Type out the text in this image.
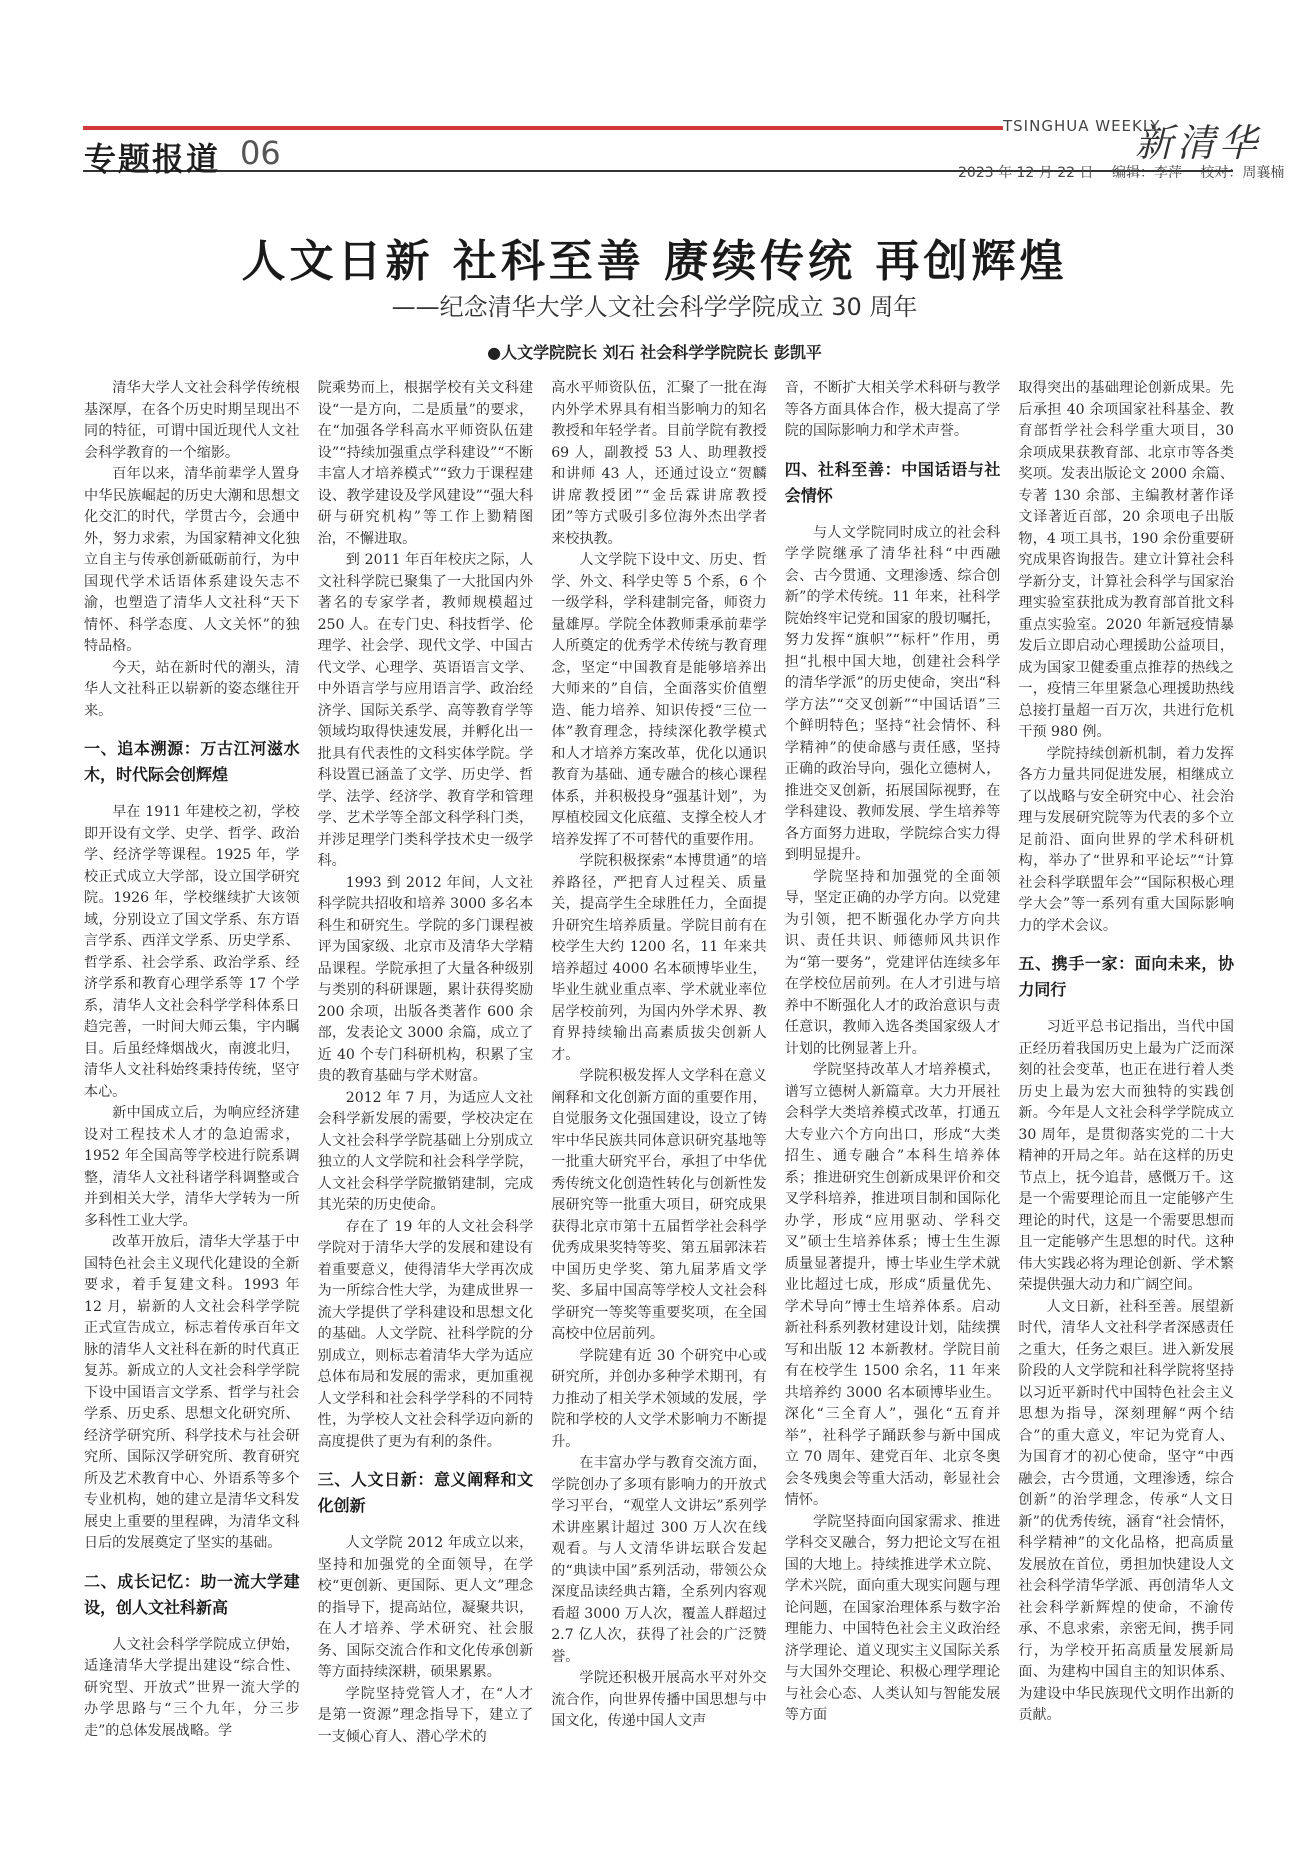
专题报道 06
TSINGHUA WEEKLY
新清华
2023 年 12 月 22 日 编辑：李萍 校对：周襄楠
人文日新 社科至善 赓续传统 再创辉煌
——纪念清华大学人文社会科学学院成立 30 周年
●人文学院院长 刘石 社会科学学院院长 彭凯平

清华大学人文社会科学传统根基深厚，在各个历史时期呈现出不同的特征，可谓中国近现代人文社会科学教育的一个缩影。

百年以来，清华前辈学人置身中华民族崛起的历史大潮和思想文化交汇的时代，学贯古今，会通中外，努力求索，为国家精神文化独立自主与传承创新砥砺前行，为中国现代学术话语体系建设矢志不渝，也塑造了清华人文社科“天下情怀、科学态度、人文关怀”的独特品格。

今天，站在新时代的潮头，清华人文社科正以崭新的姿态继往开来。

一、追本溯源：万古江河滋水木，时代际会创辉煌

早在 1911 年建校之初，学校即开设有文学、史学、哲学、政治学、经济学等课程。1925 年，学校正式成立大学部，设立国学研究院。1926 年，学校继续扩大该领域，分别设立了国文学系、东方语言学系、西洋文学系、历史学系、哲学系、社会学系、政治学系、经济学系和教育心理学系等 17 个学系，清华人文社会科学学科体系日趋完善，一时间大师云集，宇内瞩目。后虽经烽烟战火，南渡北归，清华人文社科始终秉持传统，坚守本心。

新中国成立后，为响应经济建设对工程技术人才的急迫需求，1952 年全国高等学校进行院系调整，清华人文社科诸学科调整或合并到相关大学，清华大学转为一所多科性工业大学。

改革开放后，清华大学基于中国特色社会主义现代化建设的全新要求，着手复建文科。1993 年 12 月，崭新的人文社会科学学院正式宣告成立，标志着传承百年文脉的清华人文社科在新的时代真正复苏。新成立的人文社会科学学院下设中国语言文学系、哲学与社会学系、历史系、思想文化研究所、经济学研究所、科学技术与社会研究所、国际汉学研究所、教育研究所及艺术教育中心、外语系等多个专业机构，她的建立是清华文科发展史上重要的里程碑，为清华文科日后的发展奠定了坚实的基础。

二、成长记忆：助一流大学建设，创人文社科新高

人文社会科学学院成立伊始，适逢清华大学提出建设“综合性、研究型、开放式”世界一流大学的办学思路与“三个九年，分三步走”的总体发展战略。学

院乘势而上，根据学校有关文科建设“一是方向，二是质量”的要求，在“加强各学科高水平师资队伍建设”“持续加强重点学科建设”“不断丰富人才培养模式”“致力于课程建设、教学建设及学风建设”“强大科研与研究机构”等工作上勠精图治，不懈进取。

到 2011 年百年校庆之际，人文社科学院已聚集了一大批国内外著名的专家学者，教师规模超过 250 人。在专门史、科技哲学、伦理学、社会学、现代文学、中国古代文学、心理学、英语语言文学、中外语言学与应用语言学、政治经济学、国际关系学、高等教育学等领域均取得快速发展，并孵化出一批具有代表性的文科实体学院。学科设置已涵盖了文学、历史学、哲学、法学、经济学、教育学和管理学、艺术学等全部文科学科门类，并涉足理学门类科学技术史一级学科。

1993 到 2012 年间，人文社科学院共招收和培养 3000 多名本科生和研究生。学院的多门课程被评为国家级、北京市及清华大学精品课程。学院承担了大量各种级别与类别的科研课题，累计获得奖励 200 余项，出版各类著作 600 余部，发表论文 3000 余篇，成立了近 40 个专门科研机构，积累了宝贵的教育基础与学术财富。

2012 年 7 月，为适应人文社会科学新发展的需要，学校决定在人文社会科学学院基础上分别成立独立的人文学院和社会科学学院，人文社会科学学院撤销建制，完成其光荣的历史使命。

存在了 19 年的人文社会科学学院对于清华大学的发展和建设有着重要意义，使得清华大学再次成为一所综合性大学，为建成世界一流大学提供了学科建设和思想文化的基础。人文学院、社科学院的分别成立，则标志着清华大学为适应总体布局和发展的需求，更加重视人文学科和社会科学学科的不同特性，为学校人文社会科学迈向新的高度提供了更为有利的条件。

三、人文日新：意义阐释和文化创新

人文学院 2012 年成立以来，坚持和加强党的全面领导，在学校“更创新、更国际、更人文”理念的指导下，提高站位，凝聚共识，在人才培养、学术研究、社会服务、国际交流合作和文化传承创新等方面持续深耕，硕果累累。

学院坚持党管人才，在“人才是第一资源”理念指导下，建立了一支倾心育人、潜心学术的

高水平师资队伍，汇聚了一批在海内外学术界具有相当影响力的知名教授和年轻学者。目前学院有教授 69 人，副教授 53 人、助理教授和讲师 43 人，还通过设立“贺麟讲席教授团”“金岳霖讲席教授团”等方式吸引多位海外杰出学者来校执教。

人文学院下设中文、历史、哲学、外文、科学史等 5 个系，6 个一级学科，学科建制完备，师资力量雄厚。学院全体教师秉承前辈学人所奠定的优秀学术传统与教育理念，坚定“中国教育是能够培养出大师来的”自信，全面落实价值塑造、能力培养、知识传授“三位一体”教育理念，持续深化教学模式和人才培养方案改革，优化以通识教育为基础、通专融合的核心课程体系，并积极投身“强基计划”，为厚植校园文化底蕴、支撑全校人才培养发挥了不可替代的重要作用。

学院积极探索“本博贯通”的培养路径，严把育人过程关、质量关，提高学生全球胜任力，全面提升研究生培养质量。学院目前有在校学生大约 1200 名，11 年来共培养超过 4000 名本硕博毕业生，毕业生就业重点率、学术就业率位居学校前列，为国内外学术界、教育界持续输出高素质拔尖创新人才。

学院积极发挥人文学科在意义阐释和文化创新方面的重要作用，自觉服务文化强国建设，设立了铸牢中华民族共同体意识研究基地等一批重大研究平台，承担了中华优秀传统文化创造性转化与创新性发展研究等一批重大项目，研究成果获得北京市第十五届哲学社会科学优秀成果奖特等奖、第五届郭沫若中国历史学奖、第九届茅盾文学奖、多届中国高等学校人文社会科学研究一等奖等重要奖项，在全国高校中位居前列。

学院建有近 30 个研究中心或研究所，并创办多种学术期刊，有力推动了相关学术领域的发展，学院和学校的人文学术影响力不断提升。

在丰富办学与教育交流方面，学院创办了多项有影响力的开放式学习平台，“观堂人文讲坛”系列学术讲座累计超过 300 万人次在线观看。与人文清华讲坛联合发起的“典读中国”系列活动，带领公众深度品读经典古籍，全系列内容观看超 3000 万人次，覆盖人群超过 2.7 亿人次，获得了社会的广泛赞誉。

学院还积极开展高水平对外交流合作，向世界传播中国思想与中国文化，传递中国人文声

音，不断扩大相关学术科研与教学等各方面具体合作，极大提高了学院的国际影响力和学术声誉。

四、社科至善：中国话语与社会情怀

与人文学院同时成立的社会科学学院继承了清华社科“中西融会、古今贯通、文理渗透、综合创新”的学术传统。11 年来，社科学院始终牢记党和国家的殷切嘱托，努力发挥“旗帜”“标杆”作用，勇担“扎根中国大地，创建社会科学的清华学派”的历史使命，突出“科学方法”“交叉创新”“中国话语”三个鲜明特色；坚持“社会情怀、科学精神”的使命感与责任感，坚持正确的政治导向，强化立德树人，推进交叉创新，拓展国际视野，在学科建设、教师发展、学生培养等各方面努力进取，学院综合实力得到明显提升。

学院坚持和加强党的全面领导，坚定正确的办学方向。以党建为引领，把不断强化办学方向共识、责任共识、师德师风共识作为“第一要务”，党建评估连续多年在学校位居前列。在人才引进与培养中不断强化人才的政治意识与责任意识，教师入选各类国家级人才计划的比例显著上升。

学院坚持改革人才培养模式，谱写立德树人新篇章。大力开展社会科学大类培养模式改革，打通五大专业六个方向出口，形成“大类招生、通专融合”本科生培养体系；推进研究生创新成果评价和交叉学科培养，推进项目制和国际化办学，形成“应用驱动、学科交叉”硕士生培养体系；博士生生源质量显著提升，博士毕业生学术就业比超过七成，形成“质量优先、学术导向”博士生培养体系。启动新社科系列教材建设计划，陆续撰写和出版 12 本新教材。学院目前有在校学生 1500 余名，11 年来共培养约 3000 名本硕博毕业生。深化“三全育人”，强化“五育并举”，社科学子踊跃参与新中国成立 70 周年、建党百年、北京冬奥会冬残奥会等重大活动，彰显社会情怀。

学院坚持面向国家需求、推进学科交叉融合，努力把论文写在祖国的大地上。持续推进学术立院、学术兴院，面向重大现实问题与理论问题，在国家治理体系与数字治理能力、中国特色社会主义政治经济学理论、道义现实主义国际关系与大国外交理论、积极心理学理论与社会心态、人类认知与智能发展等方面

取得突出的基础理论创新成果。先后承担 40 余项国家社科基金、教育部哲学社会科学重大项目，30 余项成果获教育部、北京市等各类奖项。发表出版论文 2000 余篇、专著 130 余部、主编教材著作译文译著近百部，20 余项电子出版物，4 项工具书，190 余份重要研究成果咨询报告。建立计算社会科学新分支，计算社会科学与国家治理实验室获批成为教育部首批文科重点实验室。2020 年新冠疫情暴发后立即启动心理援助公益项目，成为国家卫健委重点推荐的热线之一，疫情三年里紧急心理援助热线总接打量超一百万次，共进行危机干预 980 例。

学院持续创新机制，着力发挥各方力量共同促进发展，相继成立了以战略与安全研究中心、社会治理与发展研究院等为代表的多个立足前沿、面向世界的学术科研机构，举办了“世界和平论坛”“计算社会科学联盟年会”“国际积极心理学大会”等一系列有重大国际影响力的学术会议。

五、携手一家：面向未来，协力同行

习近平总书记指出，当代中国正经历着我国历史上最为广泛而深刻的社会变革，也正在进行着人类历史上最为宏大而独特的实践创新。今年是人文社会科学学院成立 30 周年，是贯彻落实党的二十大精神的开局之年。站在这样的历史节点上，抚今追昔，感慨万千。这是一个需要理论而且一定能够产生理论的时代，这是一个需要思想而且一定能够产生思想的时代。这种伟大实践必将为理论创新、学术繁荣提供强大动力和广阔空间。

人文日新，社科至善。展望新时代，清华人文社科学者深感责任之重大，任务之艰巨。进入新发展阶段的人文学院和社科学院将坚持以习近平新时代中国特色社会主义思想为指导，深刻理解“两个结合”的重大意义，牢记为党育人、为国育才的初心使命，坚守“中西融会，古今贯通，文理渗透，综合创新”的治学理念，传承“人文日新”的优秀传统，涵育“社会情怀，科学精神”的文化品格，把高质量发展放在首位，勇担加快建设人文社会科学清华学派、再创清华人文社会科学新辉煌的使命，不渝传承、不息求索，亲密无间，携手同行，为学校开拓高质量发展新局面、为建构中国自主的知识体系、为建设中华民族现代文明作出新的贡献。
